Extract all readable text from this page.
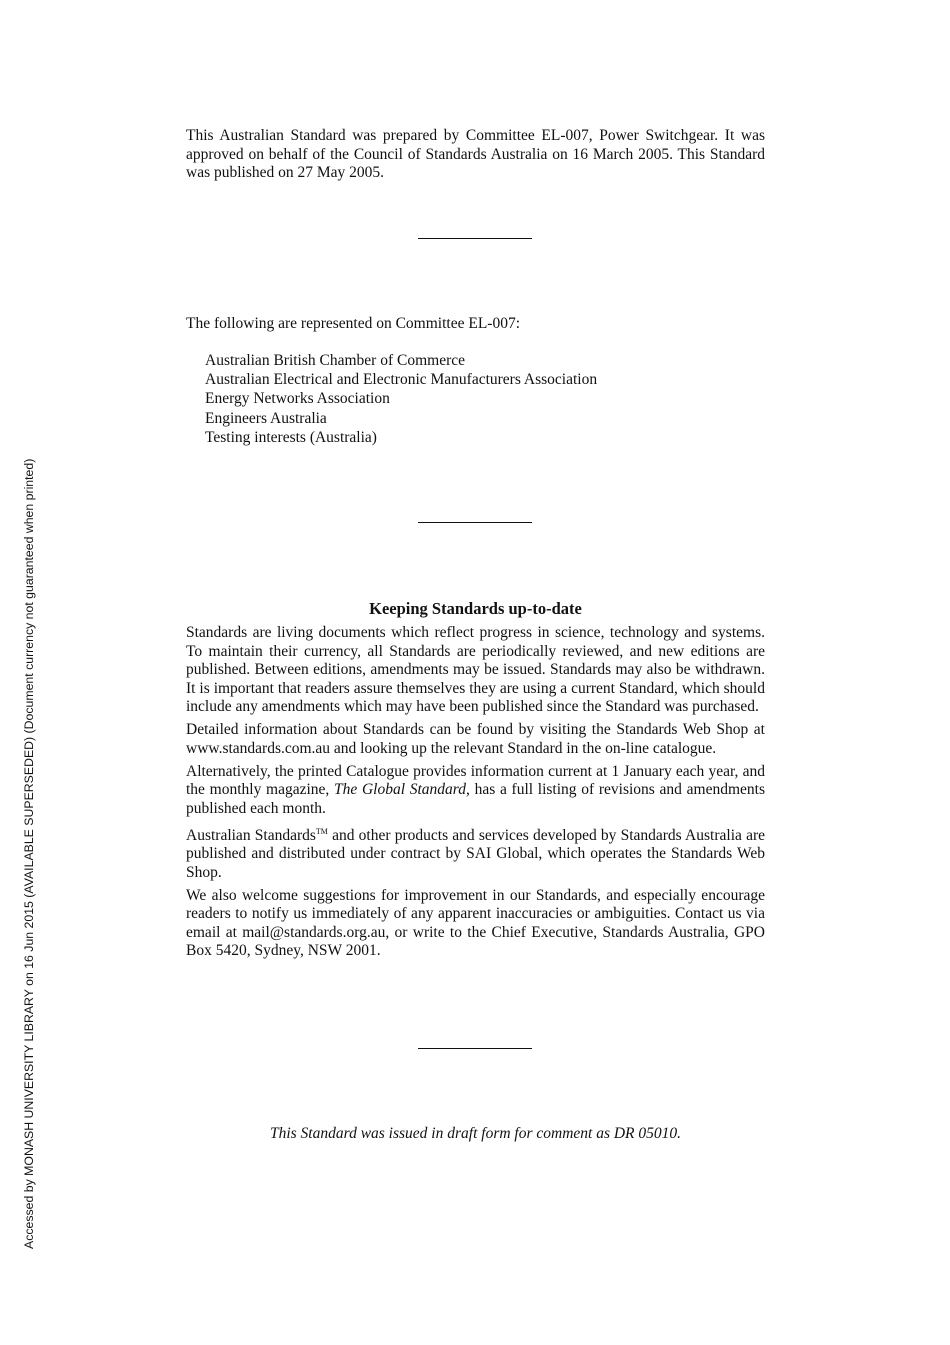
Accessed by MONASH UNIVERSITY LIBRARY on 16 Jun 2015 (AVAILABLE SUPERSEDED) (Document currency not guaranteed when printed)

This Australian Standard was prepared by Committee EL-007, Power Switchgear. It was approved on behalf of the Council of Standards Australia on 16 March 2005. This Standard was published on 27 May 2005.

The following are represented on Committee EL-007:

Australian British Chamber of Commerce
Australian Electrical and Electronic Manufacturers Association
Energy Networks Association
Engineers Australia
Testing interests (Australia)
Keeping Standards up-to-date

Standards are living documents which reflect progress in science, technology and systems. To maintain their currency, all Standards are periodically reviewed, and new editions are published. Between editions, amendments may be issued. Standards may also be withdrawn. It is important that readers assure themselves they are using a current Standard, which should include any amendments which may have been published since the Standard was purchased.

Detailed information about Standards can be found by visiting the Standards Web Shop at www.standards.com.au and looking up the relevant Standard in the on-line catalogue.

Alternatively, the printed Catalogue provides information current at 1 January each year, and the monthly magazine, The Global Standard, has a full listing of revisions and amendments published each month.

Australian Standards™ and other products and services developed by Standards Australia are published and distributed under contract by SAI Global, which operates the Standards Web Shop.

We also welcome suggestions for improvement in our Standards, and especially encourage readers to notify us immediately of any apparent inaccuracies or ambiguities. Contact us via email at mail@standards.org.au, or write to the Chief Executive, Standards Australia, GPO Box 5420, Sydney, NSW 2001.

This Standard was issued in draft form for comment as DR 05010.
